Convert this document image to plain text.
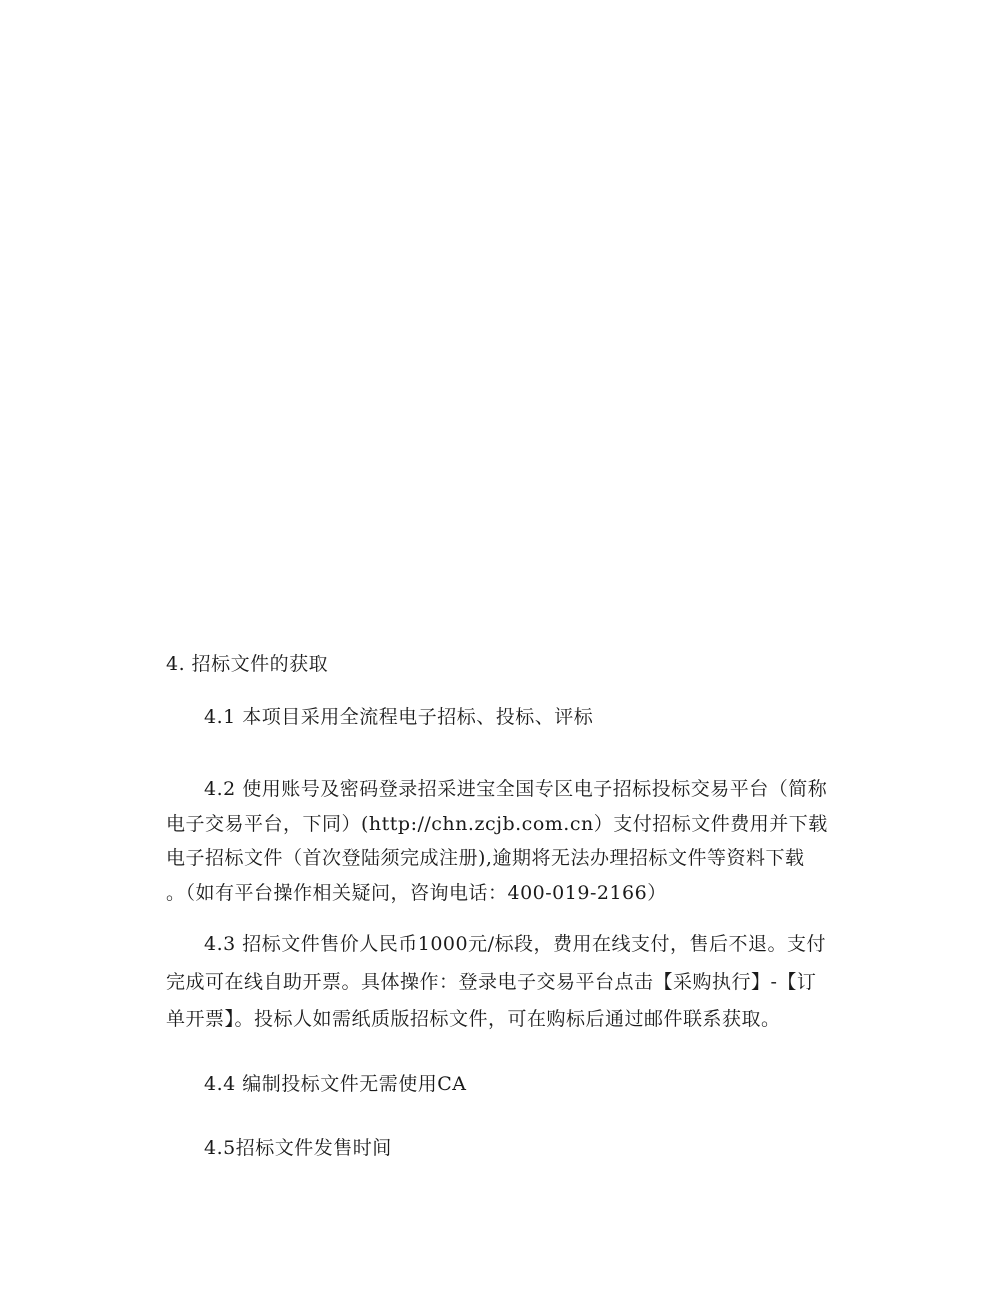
4. 招标文件的获取
4.1 本项目采用全流程电子招标、投标、评标
4.2 使用账号及密码登录招采进宝全国专区电子招标投标交易平台（简称
电子交易平台，下同）(http://chn.zcjb.com.cn）支付招标文件费用并下载
电子招标文件（首次登陆须完成注册),逾期将无法办理招标文件等资料下载
。（如有平台操作相关疑问，咨询电话：400-019-2166）
4.3 招标文件售价人民币1000元/标段，费用在线支付，售后不退。支付
完成可在线自助开票。具体操作：登录电子交易平台点击【采购执行】-【订
单开票】。投标人如需纸质版招标文件，可在购标后通过邮件联系获取。
4.4 编制投标文件无需使用CA
4.5招标文件发售时间
